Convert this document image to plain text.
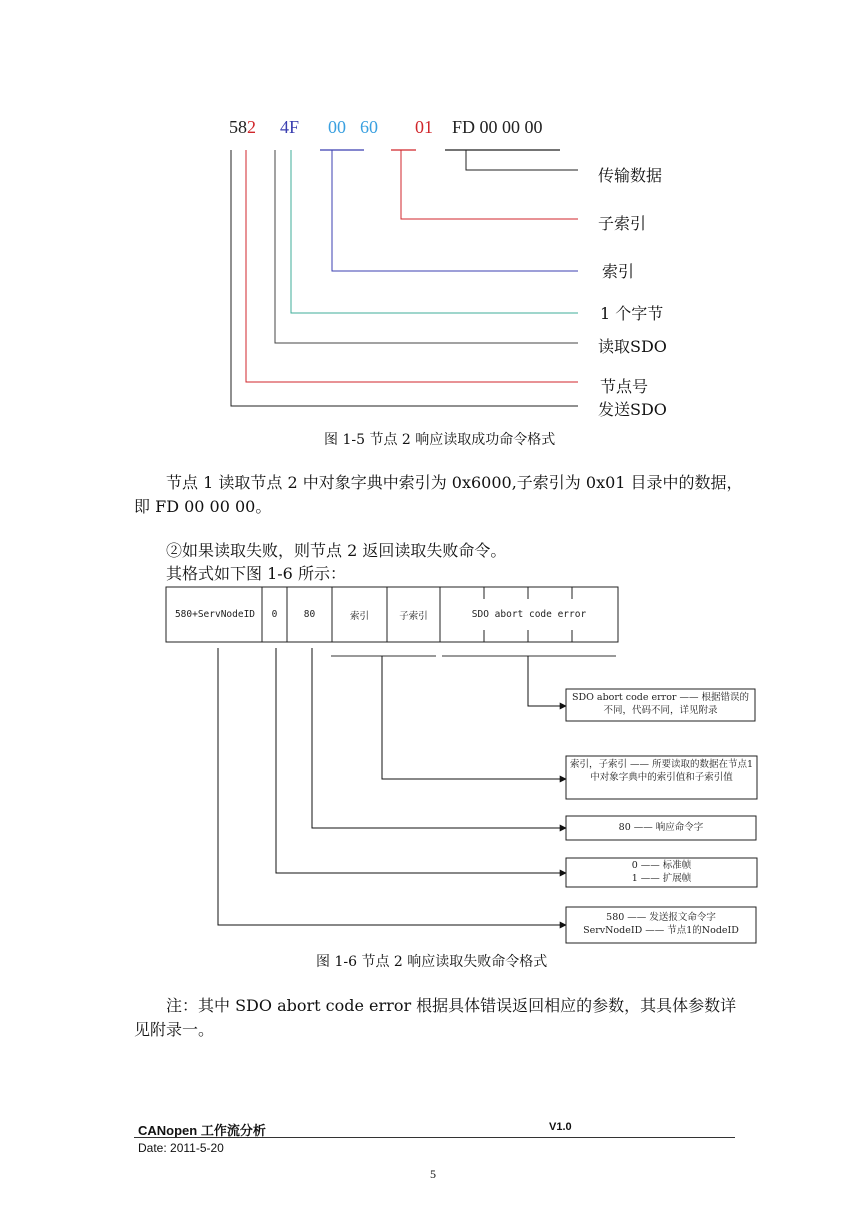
58 2 4F 00 60 01 FD 00 00 00
传输数据
子索引
索引
1 个字节
读取SDO
节点号
发送SDO
图 1-5 节点 2 响应读取成功命令格式
节点 1 读取节点 2 中对象字典中索引为 0x6000,子索引为 0x01 目录中的数据，即 FD 00 00 00。
②如果读取失败，则节点 2 返回读取失败命令。
其格式如下图 1-6 所示：
580+ServNodeID	0	80	索引	子索引	SDO abort code error
SDO abort code error —— 根据错误的不同，代码不同，详见附录
索引，子索引 —— 所要读取的数据在节点1中对象字典中的索引值和子索引值
80 —— 响应命令字
0 —— 标准帧
1 —— 扩展帧
580 —— 发送报文命令字
ServNodeID —— 节点1的NodeID
图 1-6 节点 2 响应读取失败命令格式
注：其中 SDO abort code error 根据具体错误返回相应的参数，其具体参数详见附录一。
CANopen 工作流分析	V1.0
Date: 2011-5-20
5
